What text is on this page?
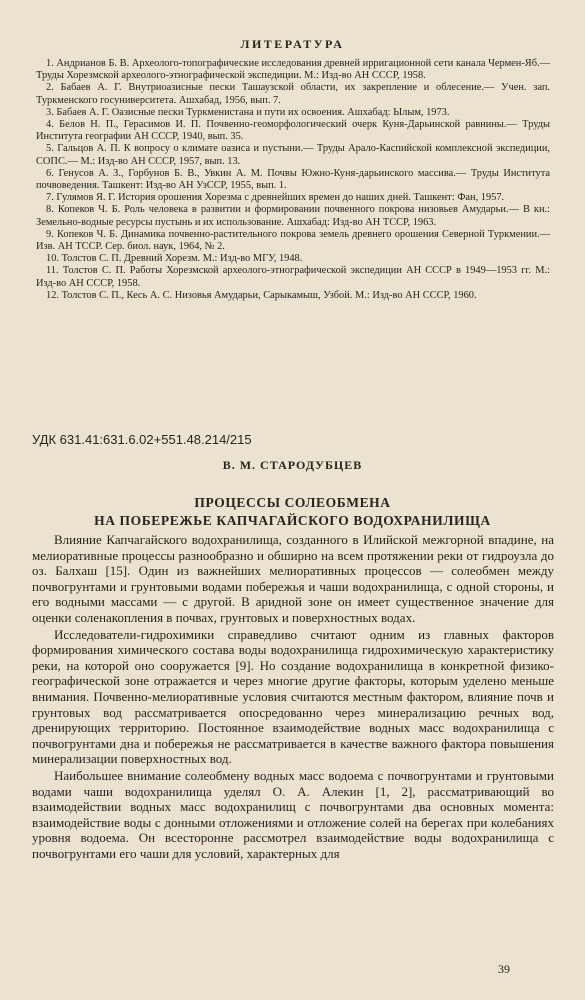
ЛИТЕРАТУРА

1. Андрианов Б. В. Археолого-топографические исследования древней ирригационной сети канала Чермен-Яб.—Труды Хорезмской археолого-этнографической экспедиции. М.: Изд-во АН СССР, 1958.

2. Бабаев А. Г. Внутриоазисные пески Ташаузской области, их закрепление и облесение.— Учен. зап. Туркменского госуниверситета. Ашхабад, 1956, вып. 7.

3. Бабаев А. Г. Оазисные пески Туркменистана и пути их освоения. Ашхабад: Ылым, 1973.

4. Белов Н. П., Герасимов И. П. Почвенно-геоморфологический очерк Куня-Дарьинской равнины.— Труды Института географии АН СССР, 1940, вып. 35.

5. Гальцов А. П. К вопросу о климате оазиса и пустыни.— Труды Арало-Каспийской комплексной экспедиции, СОПС.— М.: Изд-во АН СССР, 1957, вып. 13.

6. Генусов А. З., Горбунов Б. В., Увкин А. М. Почвы Южно-Куня-дарьинского массива.— Труды Института почвоведения. Ташкент: Изд-во АН УзССР, 1955, вып. 1.

7. Гулямов Я. Г. История орошения Хорезма с древнейших времен до наших дней. Ташкент: Фан, 1957.

8. Копеков Ч. Б. Роль человека в развитии и формировании почвенного покрова низовьев Амударьи.— В кн.: Земельно-водные ресурсы пустынь и их использование. Ашхабад: Изд-во АН ТССР, 1963.

9. Копеков Ч. Б. Динамика почвенно-растительного покрова земель древнего орошения Северной Туркмении.— Изв. АН ТССР. Сер. биол. наук, 1964, № 2.

10. Толстов С. П. Древний Хорезм. М.: Изд-во МГУ, 1948.

11. Толстов С. П. Работы Хорезмской археолого-этнографической экспедиции АН СССР в 1949—1953 гг. М.: Изд-во АН СССР, 1958.

12. Толстов С. П., Кесь А. С. Низовья Амударьи, Сарыкамыш, Узбой. М.: Изд-во АН СССР, 1960.

УДК 631.41:631.6.02+551.48.214/215
В. М. СТАРОДУБЦЕВ
ПРОЦЕССЫ СОЛЕОБМЕНА
НА ПОБЕРЕЖЬЕ КАПЧАГАЙСКОГО ВОДОХРАНИЛИЩА

Влияние Капчагайского водохранилища, созданного в Илийской межгорной впадине, на мелиоративные процессы разнообразно и обширно на всем протяжении реки от гидроузла до оз. Балхаш [15]. Один из важнейших мелиоративных процессов — солеобмен между почвогрунтами и грунтовыми водами побережья и чаши водохранилища, с одной стороны, и его водными массами — с другой. В аридной зоне он имеет существенное значение для оценки соленакопления в почвах, грунтовых и поверхностных водах.

Исследователи-гидрохимики справедливо считают одним из главных факторов формирования химического состава воды водохранилища гидрохимическую характеристику реки, на которой оно сооружается [9]. Но создание водохранилища в конкретной физико-географической зоне отражается и через многие другие факторы, которым уделено меньше внимания. Почвенно-мелиоративные условия считаются местным фактором, влияние почв и грунтовых вод рассматривается опосредованно через минерализацию речных вод, дренирующих территорию. Постоянное взаимодействие водных масс водохранилища с почвогрунтами дна и побережья не рассматривается в качестве важного фактора повышения минерализации поверхностных вод.

Наибольшее внимание солеобмену водных масс водоема с почвогрунтами и грунтовыми водами чаши водохранилища уделял О. А. Алекин [1, 2], рассматривающий во взаимодействии водных масс водохранилищ с почвогрунтами два основных момента: взаимодействие воды с донными отложениями и отложение солей на берегах при колебаниях уровня водоема. Он всесторонне рассмотрел взаимодействие воды водохранилища с почвогрунтами его чаши для условий, характерных для

39
